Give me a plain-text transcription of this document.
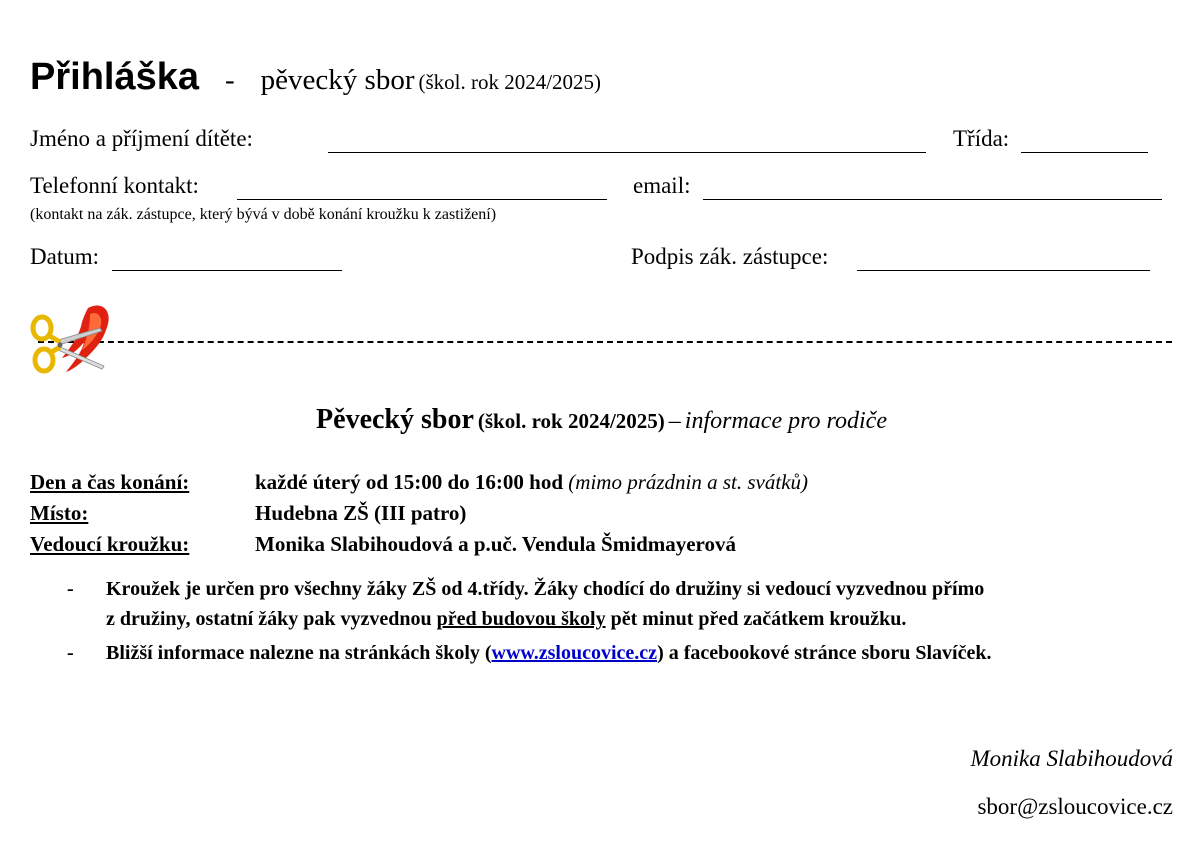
Přihláška - pěvecký sbor (škol. rok 2024/2025)
Jméno a příjmení dítěte:	Třída:
Telefonní kontakt:	email:
(kontakt na zák. zástupce, který bývá v době konání kroužku k zastižení)
Datum:	Podpis zák. zástupce:
Pěvecký sbor (škol. rok 2024/2025) – informace pro rodiče
Den a čas konání:	každé úterý od 15:00 do 16:00 hod (mimo prázdnin a st. svátků)
Místo:	Hudebna ZŠ (III patro)
Vedoucí kroužku:	Monika Slabihoudová a p.uč. Vendula Šmidmayerová
- Kroužek je určen pro všechny žáky ZŠ od 4.třídy. Žáky chodící do družiny si vedoucí vyzvednou přímo
z družiny, ostatní žáky pak vyzvednou před budovou školy pět minut před začátkem kroužku.
- Bližší informace nalezne na stránkách školy (www.zsloucovice.cz) a facebookové stránce sboru Slavíček.
Monika Slabihoudová
sbor@zsloucovice.cz
